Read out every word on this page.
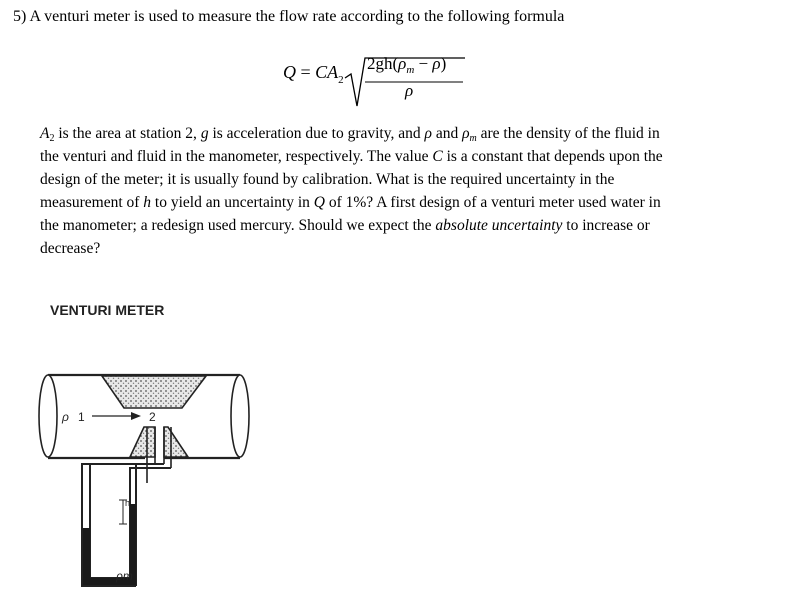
5) A venturi meter is used to measure the flow rate according to the following formula
$Q = CA_2$
$2gh(\rho_m - \rho)$
ρ
$A_2$ is the area at station 2, g is acceleration due to gravity, and ρ and $\rho_m$ are the density of the fluid in
the venturi and fluid in the manometer, respectively. The value C is a constant that depends upon the
design of the meter; it is usually found by calibration. What is the required uncertainty in the
measurement of h to yield an uncertainty in Q of 1%? A first design of a venturi meter used water in
the manometer; a redesign used mercury. Should we expect the absolute uncertainty to increase or
decrease?
VENTURI METER
ρ 1	2
h
ρm
